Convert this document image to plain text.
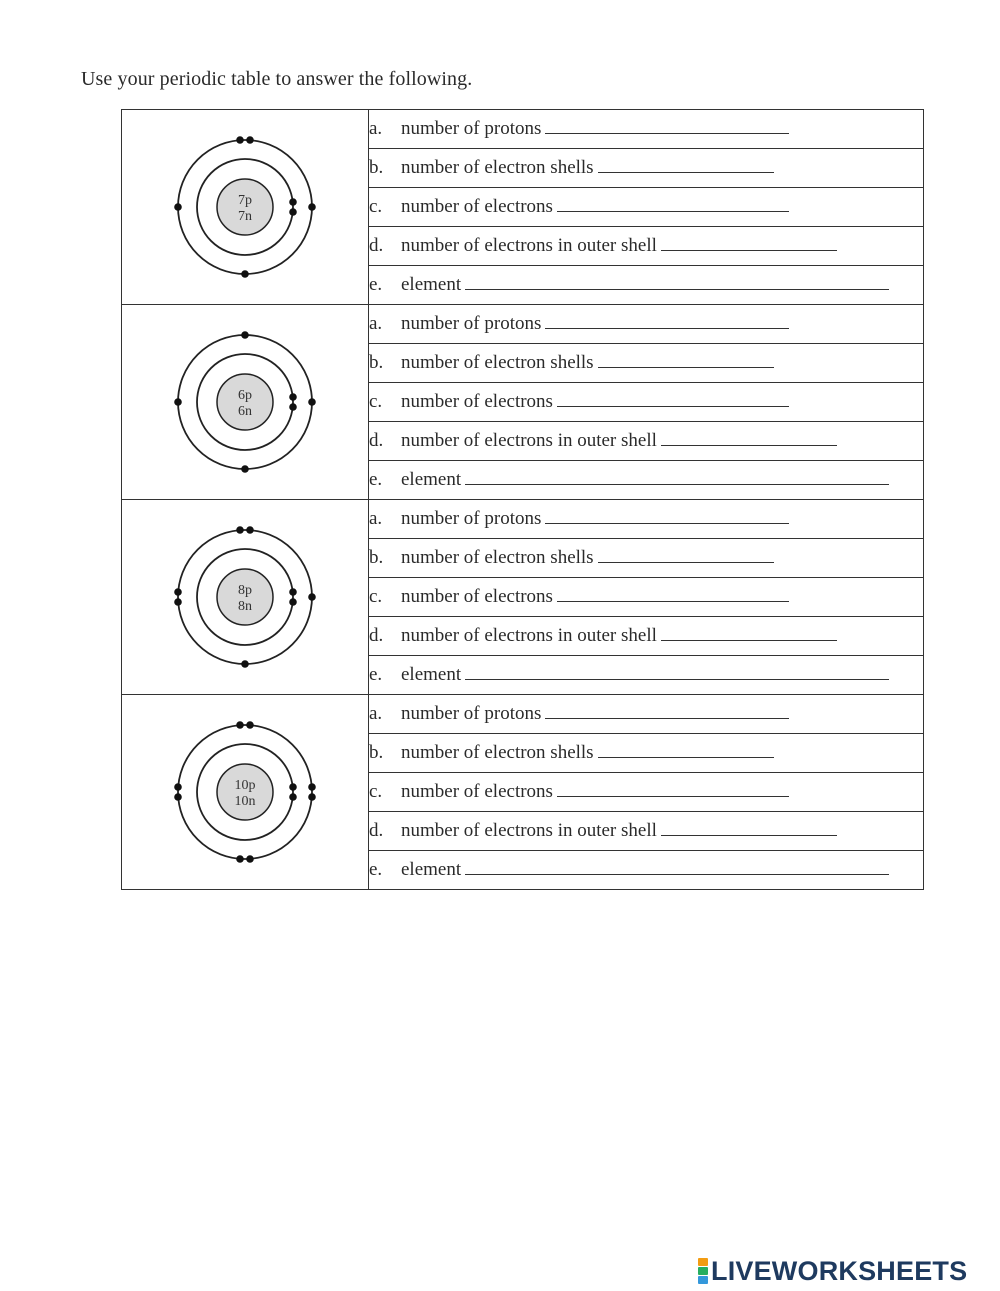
Use your periodic table to answer the following.
7p
7n	a. number of protons
	b. number of electron shells
	c. number of electrons
	d. number of electrons in outer shell
	e. element

6p
6n	a. number of protons
	b. number of electron shells
	c. number of electrons
	d. number of electrons in outer shell
	e. element

8p
8n	a. number of protons
	b. number of electron shells
	c. number of electrons
	d. number of electrons in outer shell
	e. element

10p
10n	a. number of protons
	b. number of electron shells
	c. number of electrons
	d. number of electrons in outer shell
	e. element
LIVEWORKSHEETS
